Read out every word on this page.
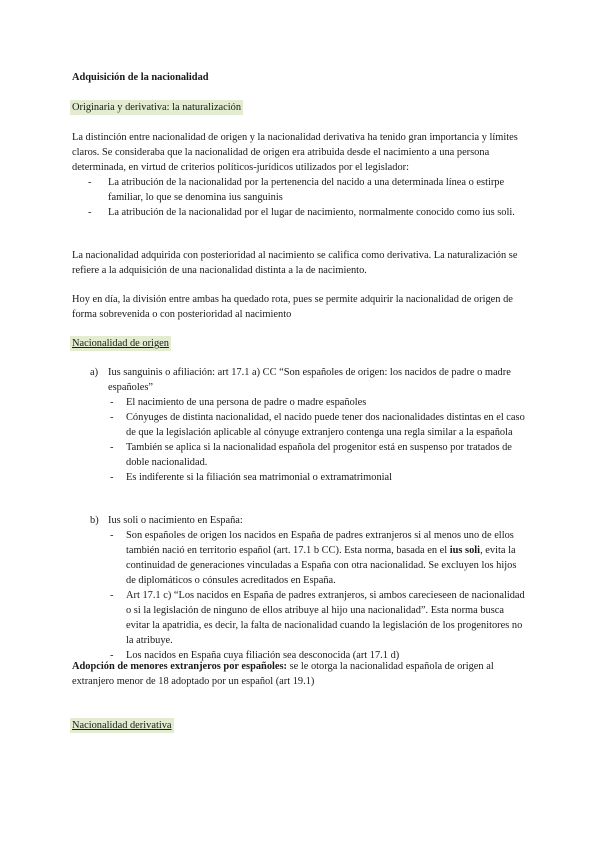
Adquisición de la nacionalidad
Originaria y derivativa: la naturalización
La distinción entre nacionalidad de origen y la nacionalidad derivativa ha tenido gran importancia y límites claros. Se consideraba que la nacionalidad de origen era atribuida desde el nacimiento a una persona determinada, en virtud de criterios políticos-jurídicos utilizados por el legislador:
- La atribución de la nacionalidad por la pertenencia del nacido a una determinada línea o estirpe familiar, lo que se denomina ius sanguinis
- La atribución de la nacionalidad por el lugar de nacimiento, normalmente conocido como ius soli.
La nacionalidad adquirida con posterioridad al nacimiento se califica como derivativa. La naturalización se refiere a la adquisición de una nacionalidad distinta a la de nacimiento.
Hoy en día, la división entre ambas ha quedado rota, pues se permite adquirir la nacionalidad de origen de forma sobrevenida o con posterioridad al nacimiento
Nacionalidad de origen
a) Ius sanguinis o afiliación: art 17.1 a) CC “Son españoles de origen: los nacidos de padre o madre españoles”
- El nacimiento de una persona de padre o madre españoles
- Cónyuges de distinta nacionalidad, el nacido puede tener dos nacionalidades distintas en el caso de que la legislación aplicable al cónyuge extranjero contenga una regla similar a la española
- También se aplica si la nacionalidad española del progenitor está en suspenso por tratados de doble nacionalidad.
- Es indiferente si la filiación sea matrimonial o extramatrimonial
b) Ius soli o nacimiento en España:
- Son españoles de origen los nacidos en España de padres extranjeros si al menos uno de ellos también nació en territorio español (art. 17.1 b CC). Esta norma, basada en el ius soli, evita la continuidad de generaciones vinculadas a España con otra nacionalidad. Se excluyen los hijos de diplomáticos o cónsules acreditados en España.
- Art 17.1 c) “Los nacidos en España de padres extranjeros, si ambos carecieseen de nacionalidad o si la legislación de ninguno de ellos atribuye al hijo una nacionalidad”. Esta norma busca evitar la apatridia, es decir, la falta de nacionalidad cuando la legislación de los progenitores no la atribuye.
- Los nacidos en España cuya filiación sea desconocida (art 17.1 d)
Adopción de menores extranjeros por españoles: se le otorga la nacionalidad española de origen al extranjero menor de 18 adoptado por un español (art 19.1)
Nacionalidad derivativa
